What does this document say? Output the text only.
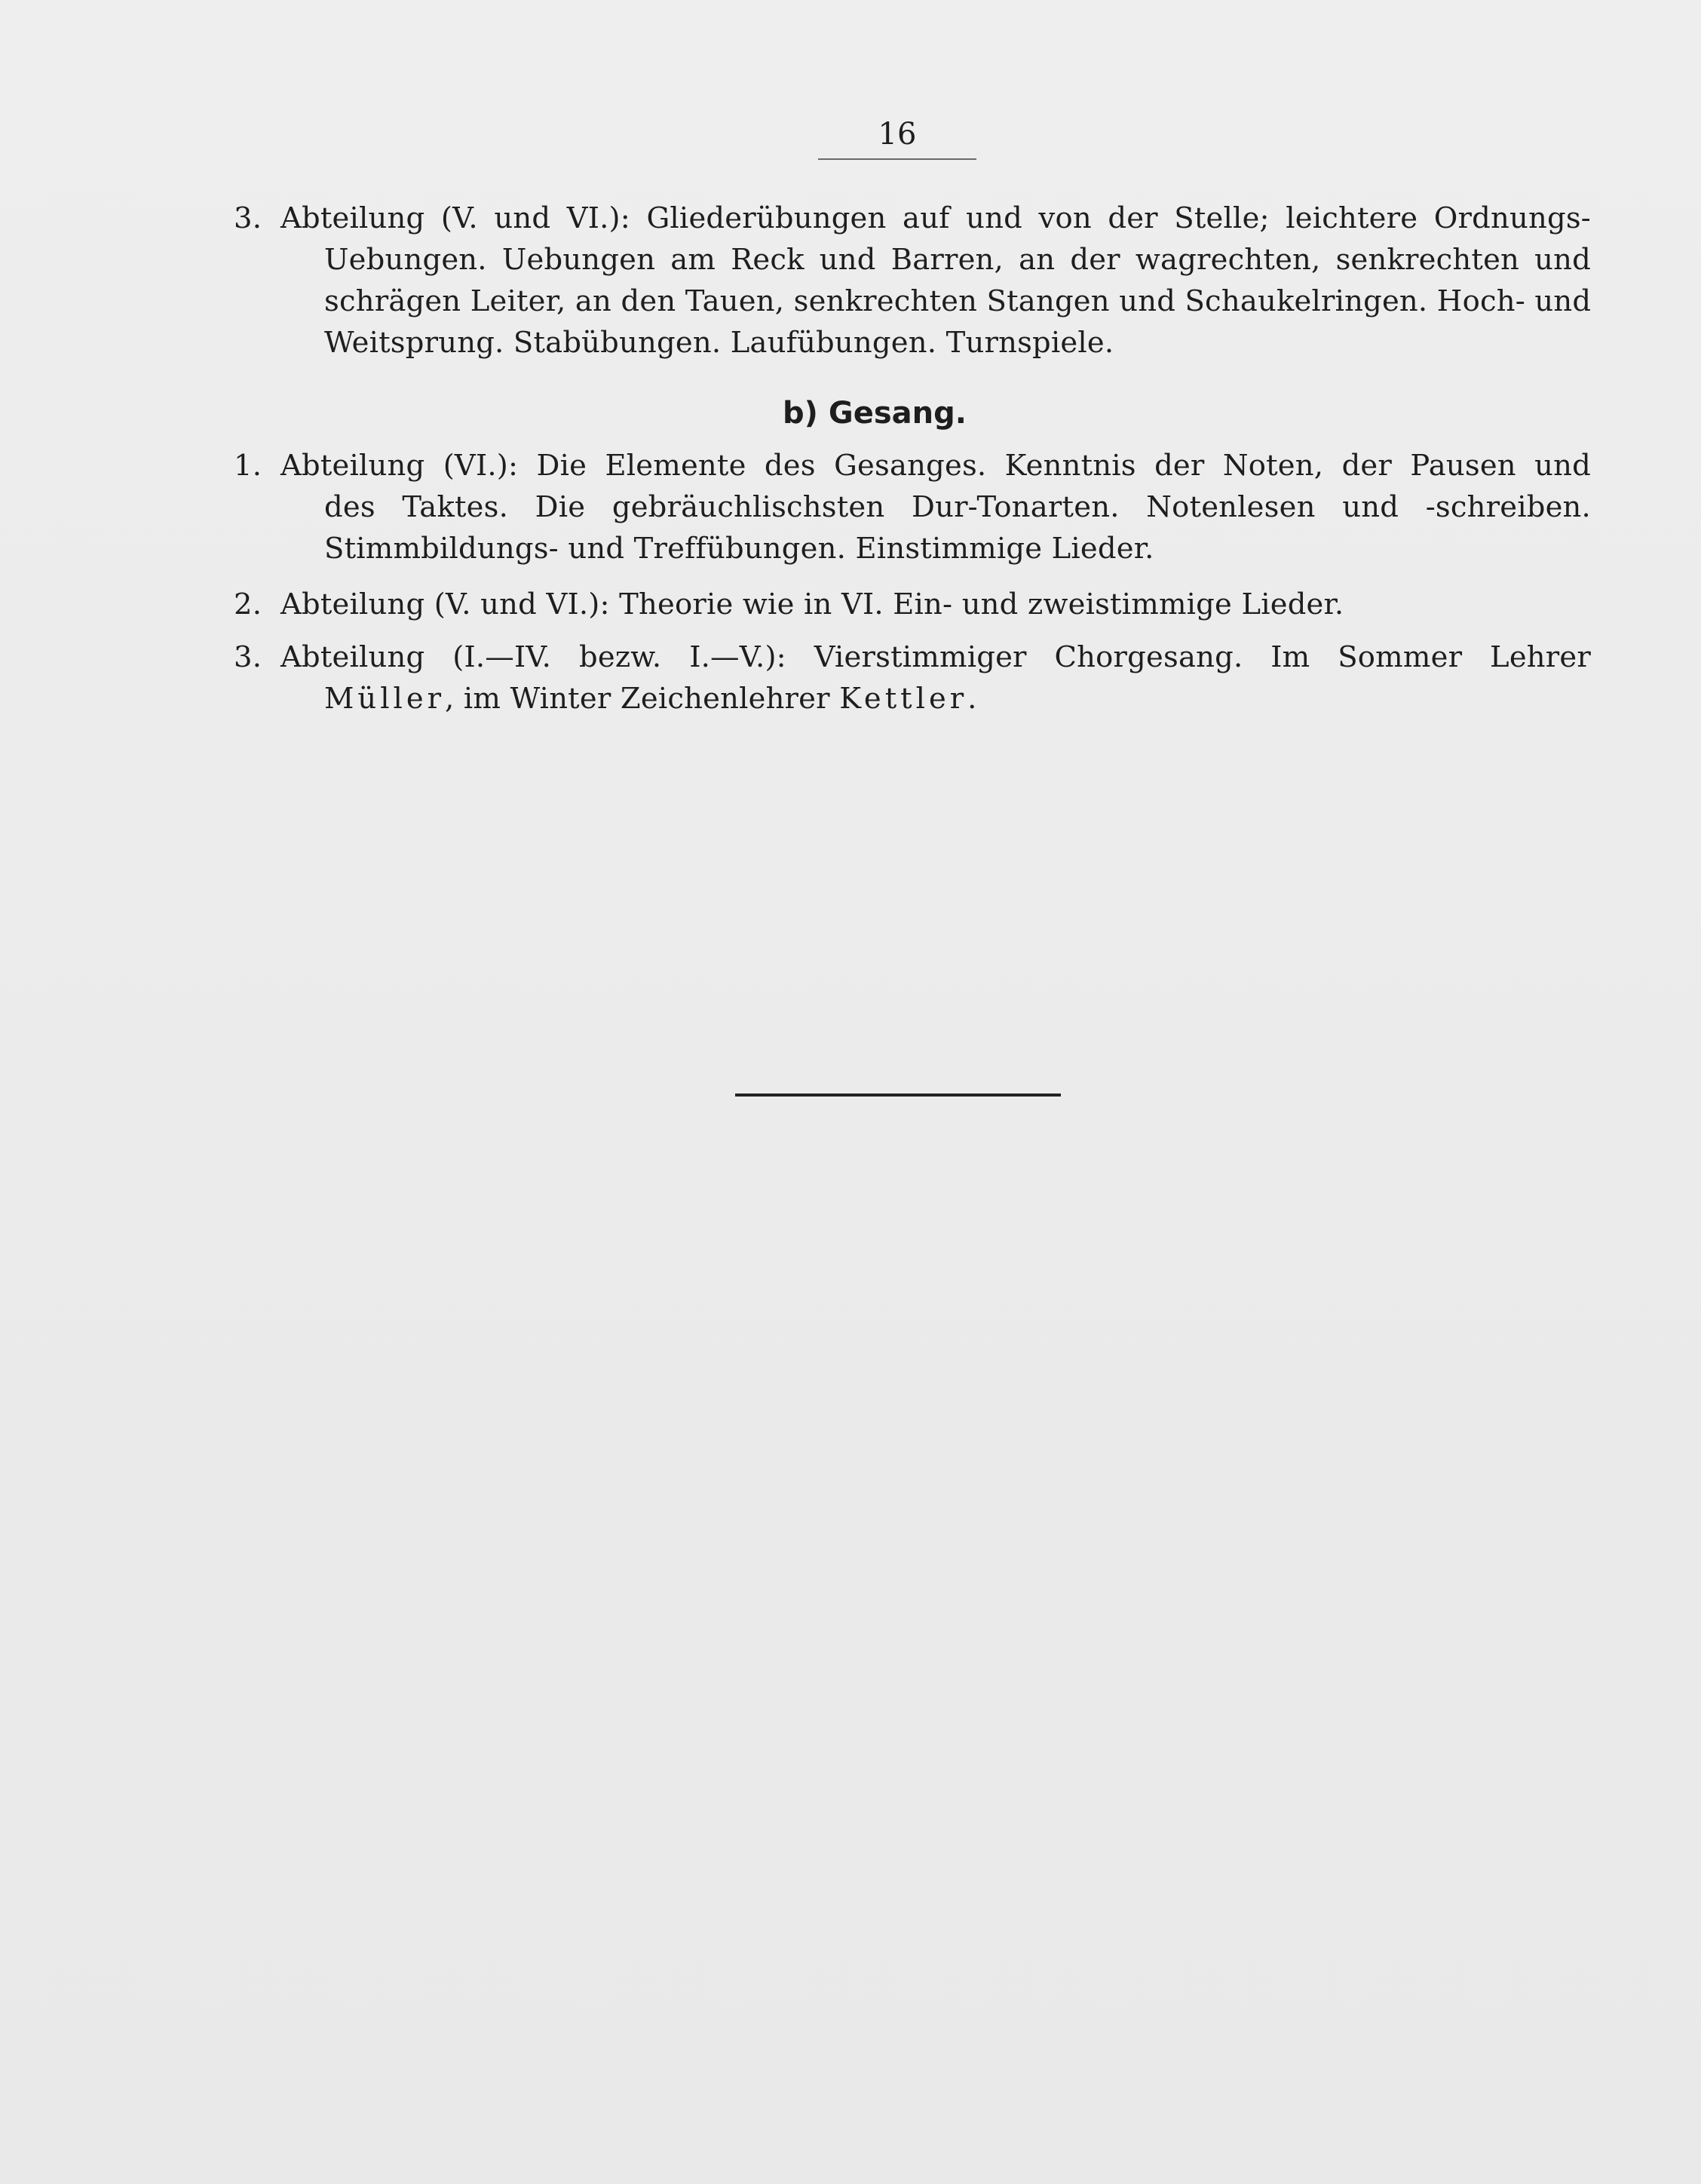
16
3. Abteilung (V. und VI.): Gliederübungen auf und von der Stelle; leichtere Ordnungs-
Uebungen. Uebungen am Reck und Barren, an der wagrechten, senkrechten und
schrägen Leiter, an den Tauen, senkrechten Stangen und Schaukelringen. Hoch- und
Weitsprung. Stabübungen. Laufübungen. Turnspiele.
b) Gesang.
1. Abteilung (VI.): Die Elemente des Gesanges. Kenntnis der Noten, der Pausen und
des Taktes. Die gebräuchlischsten Dur-Tonarten. Notenlesen und -schreiben.
Stimmbildungs- und Treffübungen. Einstimmige Lieder.
2. Abteilung (V. und VI.): Theorie wie in VI. Ein- und zweistimmige Lieder.
3. Abteilung (I.—IV. bezw. I.—V.): Vierstimmiger Chorgesang. Im Sommer Lehrer
Müller, im Winter Zeichenlehrer Kettler.
